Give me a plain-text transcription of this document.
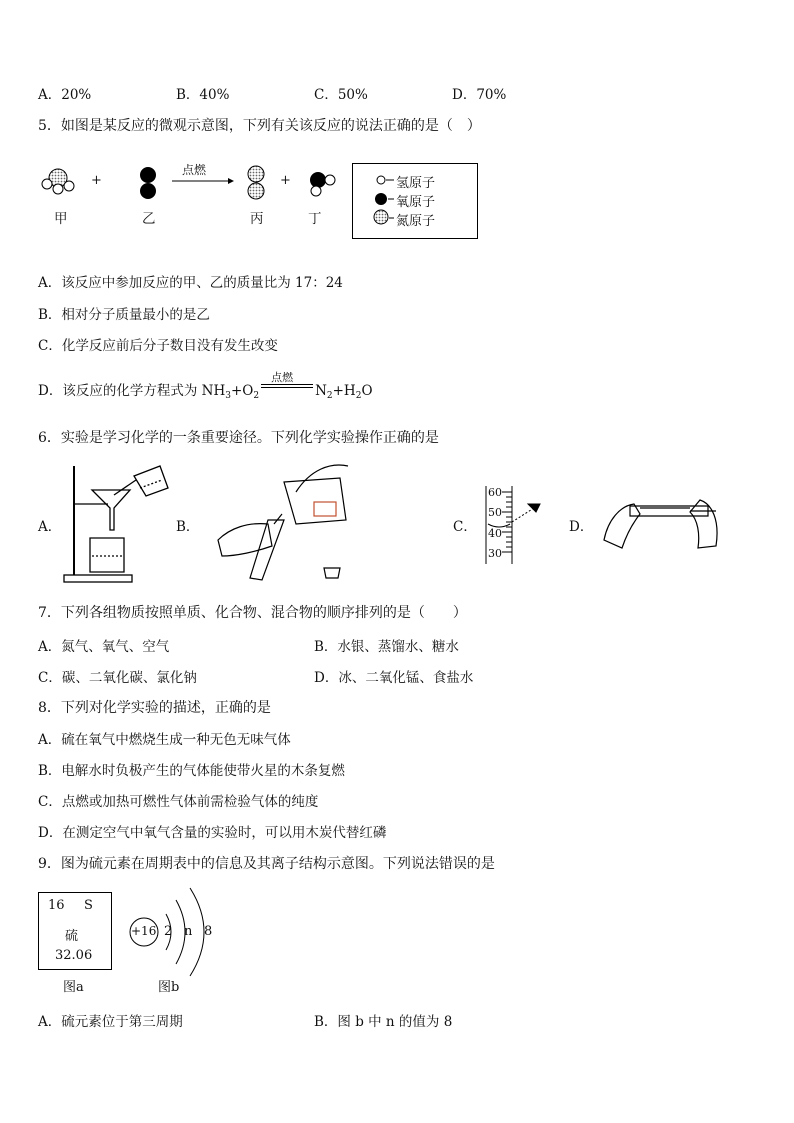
A．20%	B．40%	C．50%	D．70%
5．如图是某反应的微观示意图，下列有关该反应的说法正确的是（　）
+	+
点燃
甲	乙	丙	丁
氢原子
氧原子
氮原子
A．该反应中参加反应的甲、乙的质量比为 17：24
B．相对分子质量最小的是乙
C．化学反应前后分子数目没有发生改变
D．该反应的化学方程式为 $NH_3+O_2$
点燃
$N_2+H_2O$
6．实验是学习化学的一条重要途径。下列化学实验操作正确的是
A．	B．	C．	D．
60
50
40
30
7．下列各组物质按照单质、化合物、混合物的顺序排列的是（　　）
A．氮气、氧气、空气	B．水银、蒸馏水、糖水
C．碳、二氧化碳、氯化钠	D．冰、二氧化锰、食盐水
8．下列对化学实验的描述，正确的是
A．硫在氧气中燃烧生成一种无色无味气体
B．电解水时负极产生的气体能使带火星的木条复燃
C．点燃或加热可燃性气体前需检验气体的纯度
D．在测定空气中氧气含量的实验时，可以用木炭代替红磷
9．图为硫元素在周期表中的信息及其离子结构示意图。下列说法错误的是
16 S
硫
32.06
+16 2 n 8
图a	图b
A．硫元素位于第三周期	B．图 b 中 n 的值为 8
